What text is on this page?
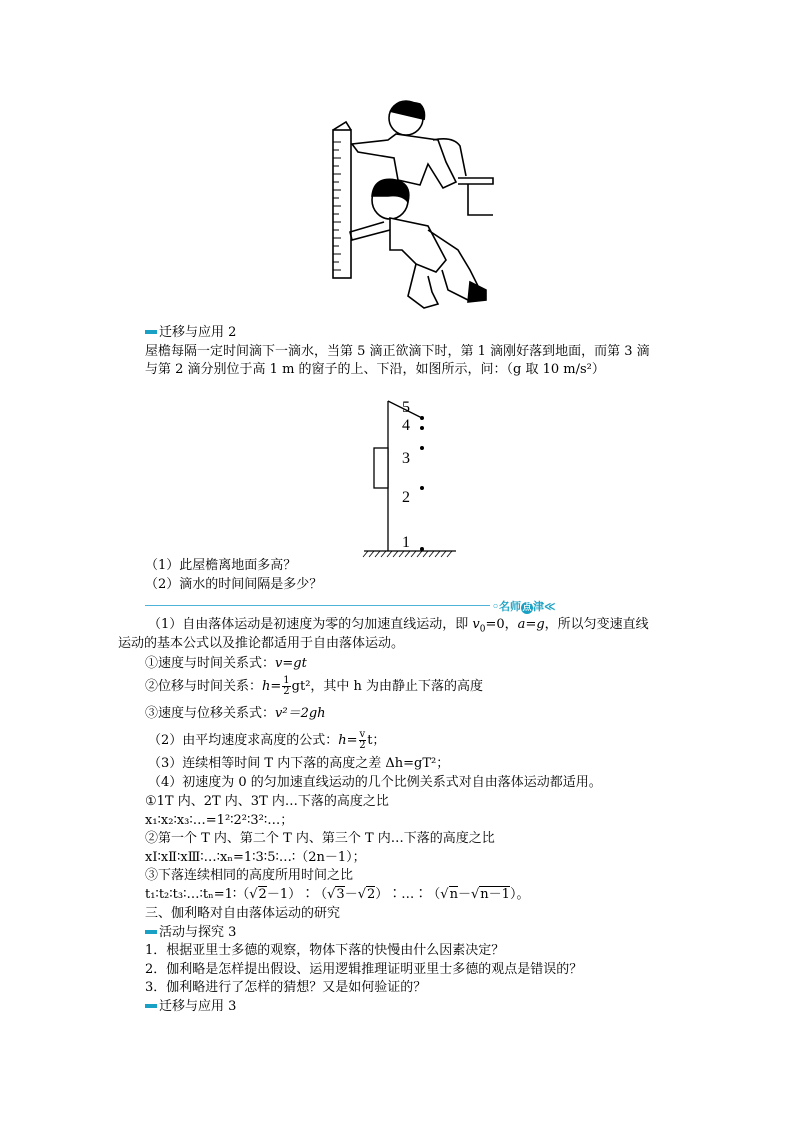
迁移与应用 2
屋檐每隔一定时间滴下一滴水，当第 5 滴正欲滴下时，第 1 滴刚好落到地面，而第 3 滴
与第 2 滴分别位于高 1 m 的窗子的上、下沿，如图所示，问：（g 取 10 m/s²）
5
4
3
2
1
（1）此屋檐离地面多高？
（2）滴水的时间间隔是多少？
◦名师点 津≪
（1）自由落体运动是初速度为零的匀加速直线运动，即 $v_0=0$，a=g，所以匀变速直线
运动的基本公式以及推论都适用于自由落体运动。
①速度与时间关系式：v=gt
②位移与时间关系：$h= \frac{1}{2} gt^2$，其中 h 为由静止下落的高度
③速度与位移关系式：v²＝2gh
（2）由平均速度求高度的公式：$h= \frac{v}{2}$ t；
（3）连续相等时间 T 内下落的高度之差 Δh=gT²；
（4）初速度为 0 的匀加速直线运动的几个比例关系式对自由落体运动都适用。
①1T 内、2T 内、3T 内…下落的高度之比
x₁∶x₂∶x₃∶…=1²∶2²∶3²∶…；
②第一个 T 内、第二个 T 内、第三个 T 内…下落的高度之比
xⅠ∶xⅡ∶xⅢ∶…∶xₙ=1∶3∶5∶…∶（2n－1）；
③下落连续相同的高度所用时间之比
t₁∶t₂∶t₃∶…∶tₙ=1∶（√2－1）∶（√3－√2）∶…∶（√n－√n－1）。
三、伽利略对自由落体运动的研究
活动与探究 3
1．根据亚里士多德的观察，物体下落的快慢由什么因素决定？
2．伽利略是怎样提出假设、运用逻辑推理证明亚里士多德的观点是错误的？
3．伽利略进行了怎样的猜想？又是如何验证的？
迁移与应用 3
